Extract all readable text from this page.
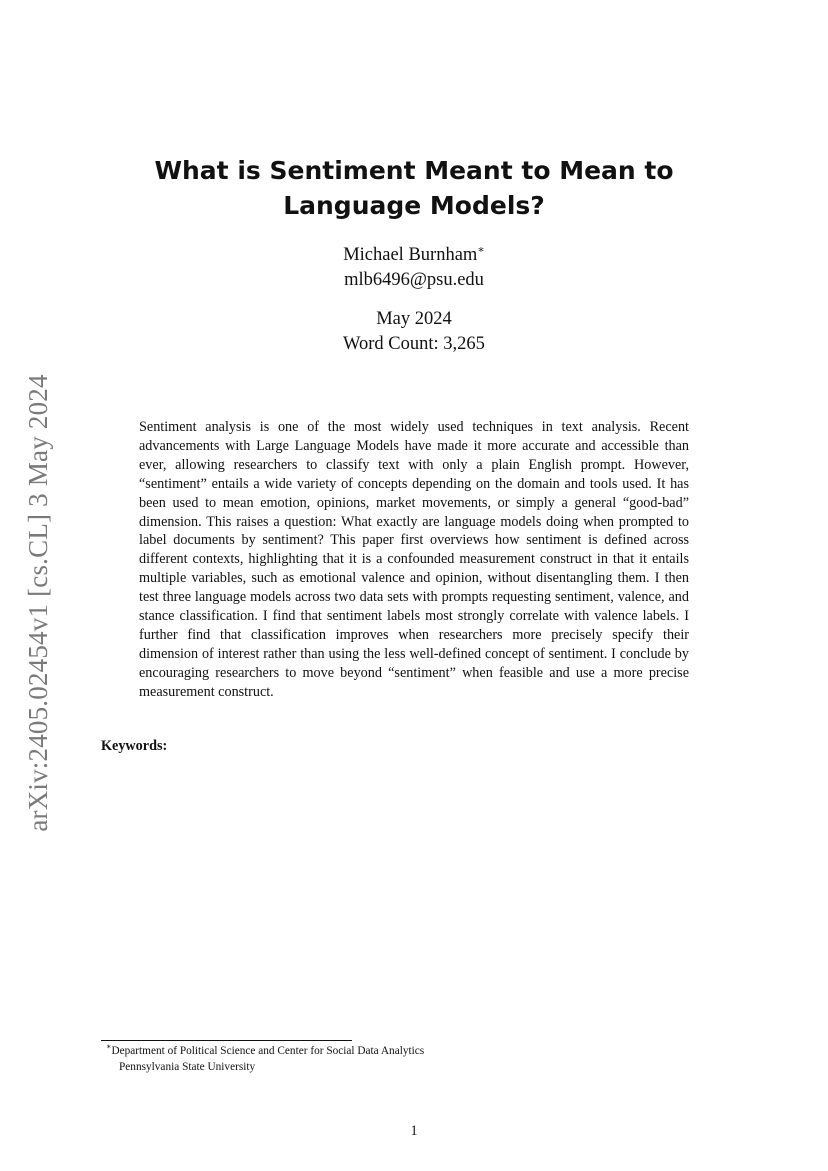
arXiv:2405.02454v1 [cs.CL] 3 May 2024
What is Sentiment Meant to Mean to
Language Models?
Michael Burnham∗
mlb6496@psu.edu
May 2024
Word Count: 3,265
Sentiment analysis is one of the most widely used techniques in text analysis. Recent advancements with Large Language Models have made it more accurate and accessible than ever, allowing researchers to classify text with only a plain English prompt. However, “sentiment” entails a wide variety of concepts depending on the domain and tools used. It has been used to mean emotion, opinions, market movements, or simply a general “good-bad” dimension. This raises a question: What exactly are language models doing when prompted to label documents by sentiment? This paper first overviews how sentiment is defined across different contexts, highlighting that it is a confounded measurement construct in that it entails multiple variables, such as emotional valence and opinion, without disentangling them. I then test three language models across two data sets with prompts requesting sentiment, valence, and stance classification. I find that sentiment labels most strongly correlate with valence labels. I further find that classification improves when researchers more precisely specify their dimension of interest rather than using the less well-defined concept of sentiment. I conclude by encouraging researchers to move beyond “sentiment” when feasible and use a more precise measurement construct.
Keywords:
∗Department of Political Science and Center for Social Data Analytics
Pennsylvania State University
1
